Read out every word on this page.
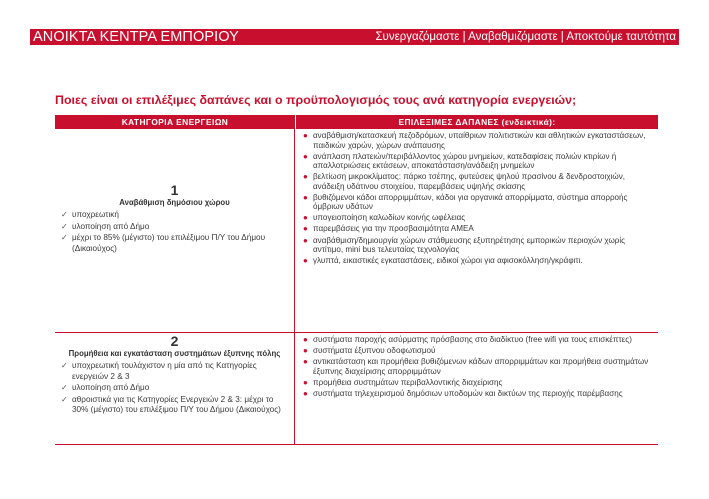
ΑΝΟΙΚΤΑ ΚΕΝΤΡΑ ΕΜΠΟΡΙΟΥ	Συνεργαζόμαστε | Αναβαθμιζόμαστε | Αποκτούμε ταυτότητα
Ποιες είναι οι επιλέξιμες δαπάνες και ο προϋπολογισμός τους ανά κατηγορία ενεργειών;
ΚΑΤΗΓΟΡΙΑ ΕΝΕΡΓΕΙΩΝ	ΕΠΙΛΕΞΙΜΕΣ ΔΑΠΑΝΕΣ (ενδεικτικά):
1
Αναβάθμιση δημόσιου χώρου
✓ υποχρεωτική
✓ υλοποίηση από Δήμο
✓ μέχρι το 85% (μέγιστο) του επιλέξιμου Π/Υ του Δήμου (Δικαιούχος)
● αναβάθμιση/κατασκευή πεζοδρόμων, υπαίθριων πολιτιστικών και αθλητικών εγκαταστάσεων, παιδικών χαρών, χώρων ανάπαυσης
● ανάπλαση πλατειών/περιβάλλοντος χώρου μνημείων, κατεδαφίσεις πολιών κτιρίων ή απαλλοτριώσεις εκτάσεων, αποκατάσταση/ανάδειξη μνημείων
● βελτίωση μικροκλίματος: πάρκο τσέπης, φυτεύσεις ψηλού πρασίνου & δενδροστοιχιών, ανάδειξη υδάτινου στοιχείου, παρεμβάσεις υψηλής σκίασης
● βυθιζόμενοι κάδοι απορριμμάτων, κάδοι για οργανικά απορρίμματα, σύστημα απορροής όμβριων υδάτων
● υπογειοποίηση καλωδίων κοινής ωφέλειας
● παρεμβάσεις για την προσβασιμότητα ΑΜΕΑ
● αναβάθμιση/δημιουργία χώρων στάθμευσης εξυπηρέτησης εμπορικών περιοχών χωρίς αντίτιμο, mini bus τελευταίας τεχνολογίας
● γλυπτά, εικαστικές εγκαταστάσεις, ειδικοί χώροι για αφισοκόλληση/γκράφιτι.
2
Προμήθεια και εγκατάσταση συστημάτων έξυπνης πόλης
✓ υποχρεωτική τουλάχιστον η μία από τις Κατηγορίες ενεργειών 2 & 3
✓ υλοποίηση από Δήμο
✓ αθροιστικά για τις Κατηγορίες Ενεργειών 2 & 3: μέχρι το 30% (μέγιστο) του επιλέξιμου Π/Υ του Δήμου (Δικαιούχος)
● συστήματα παροχής ασύρματης πρόσβασης στο διαδίκτυο (free wifi για τους επισκέπτες)
● συστήματα έξυπνου οδοφωτισμού
● αντικατάσταση και προμήθεια βυθιζόμενων κάδων απορριμμάτων και προμήθεια συστημάτων έξυπνης διαχείρισης απορριμμάτων
● προμήθεια συστημάτων περιβαλλοντικής διαχείρισης
● συστήματα τηλεχειρισμού δημόσιων υποδομών και δικτύων της περιοχής παρέμβασης
